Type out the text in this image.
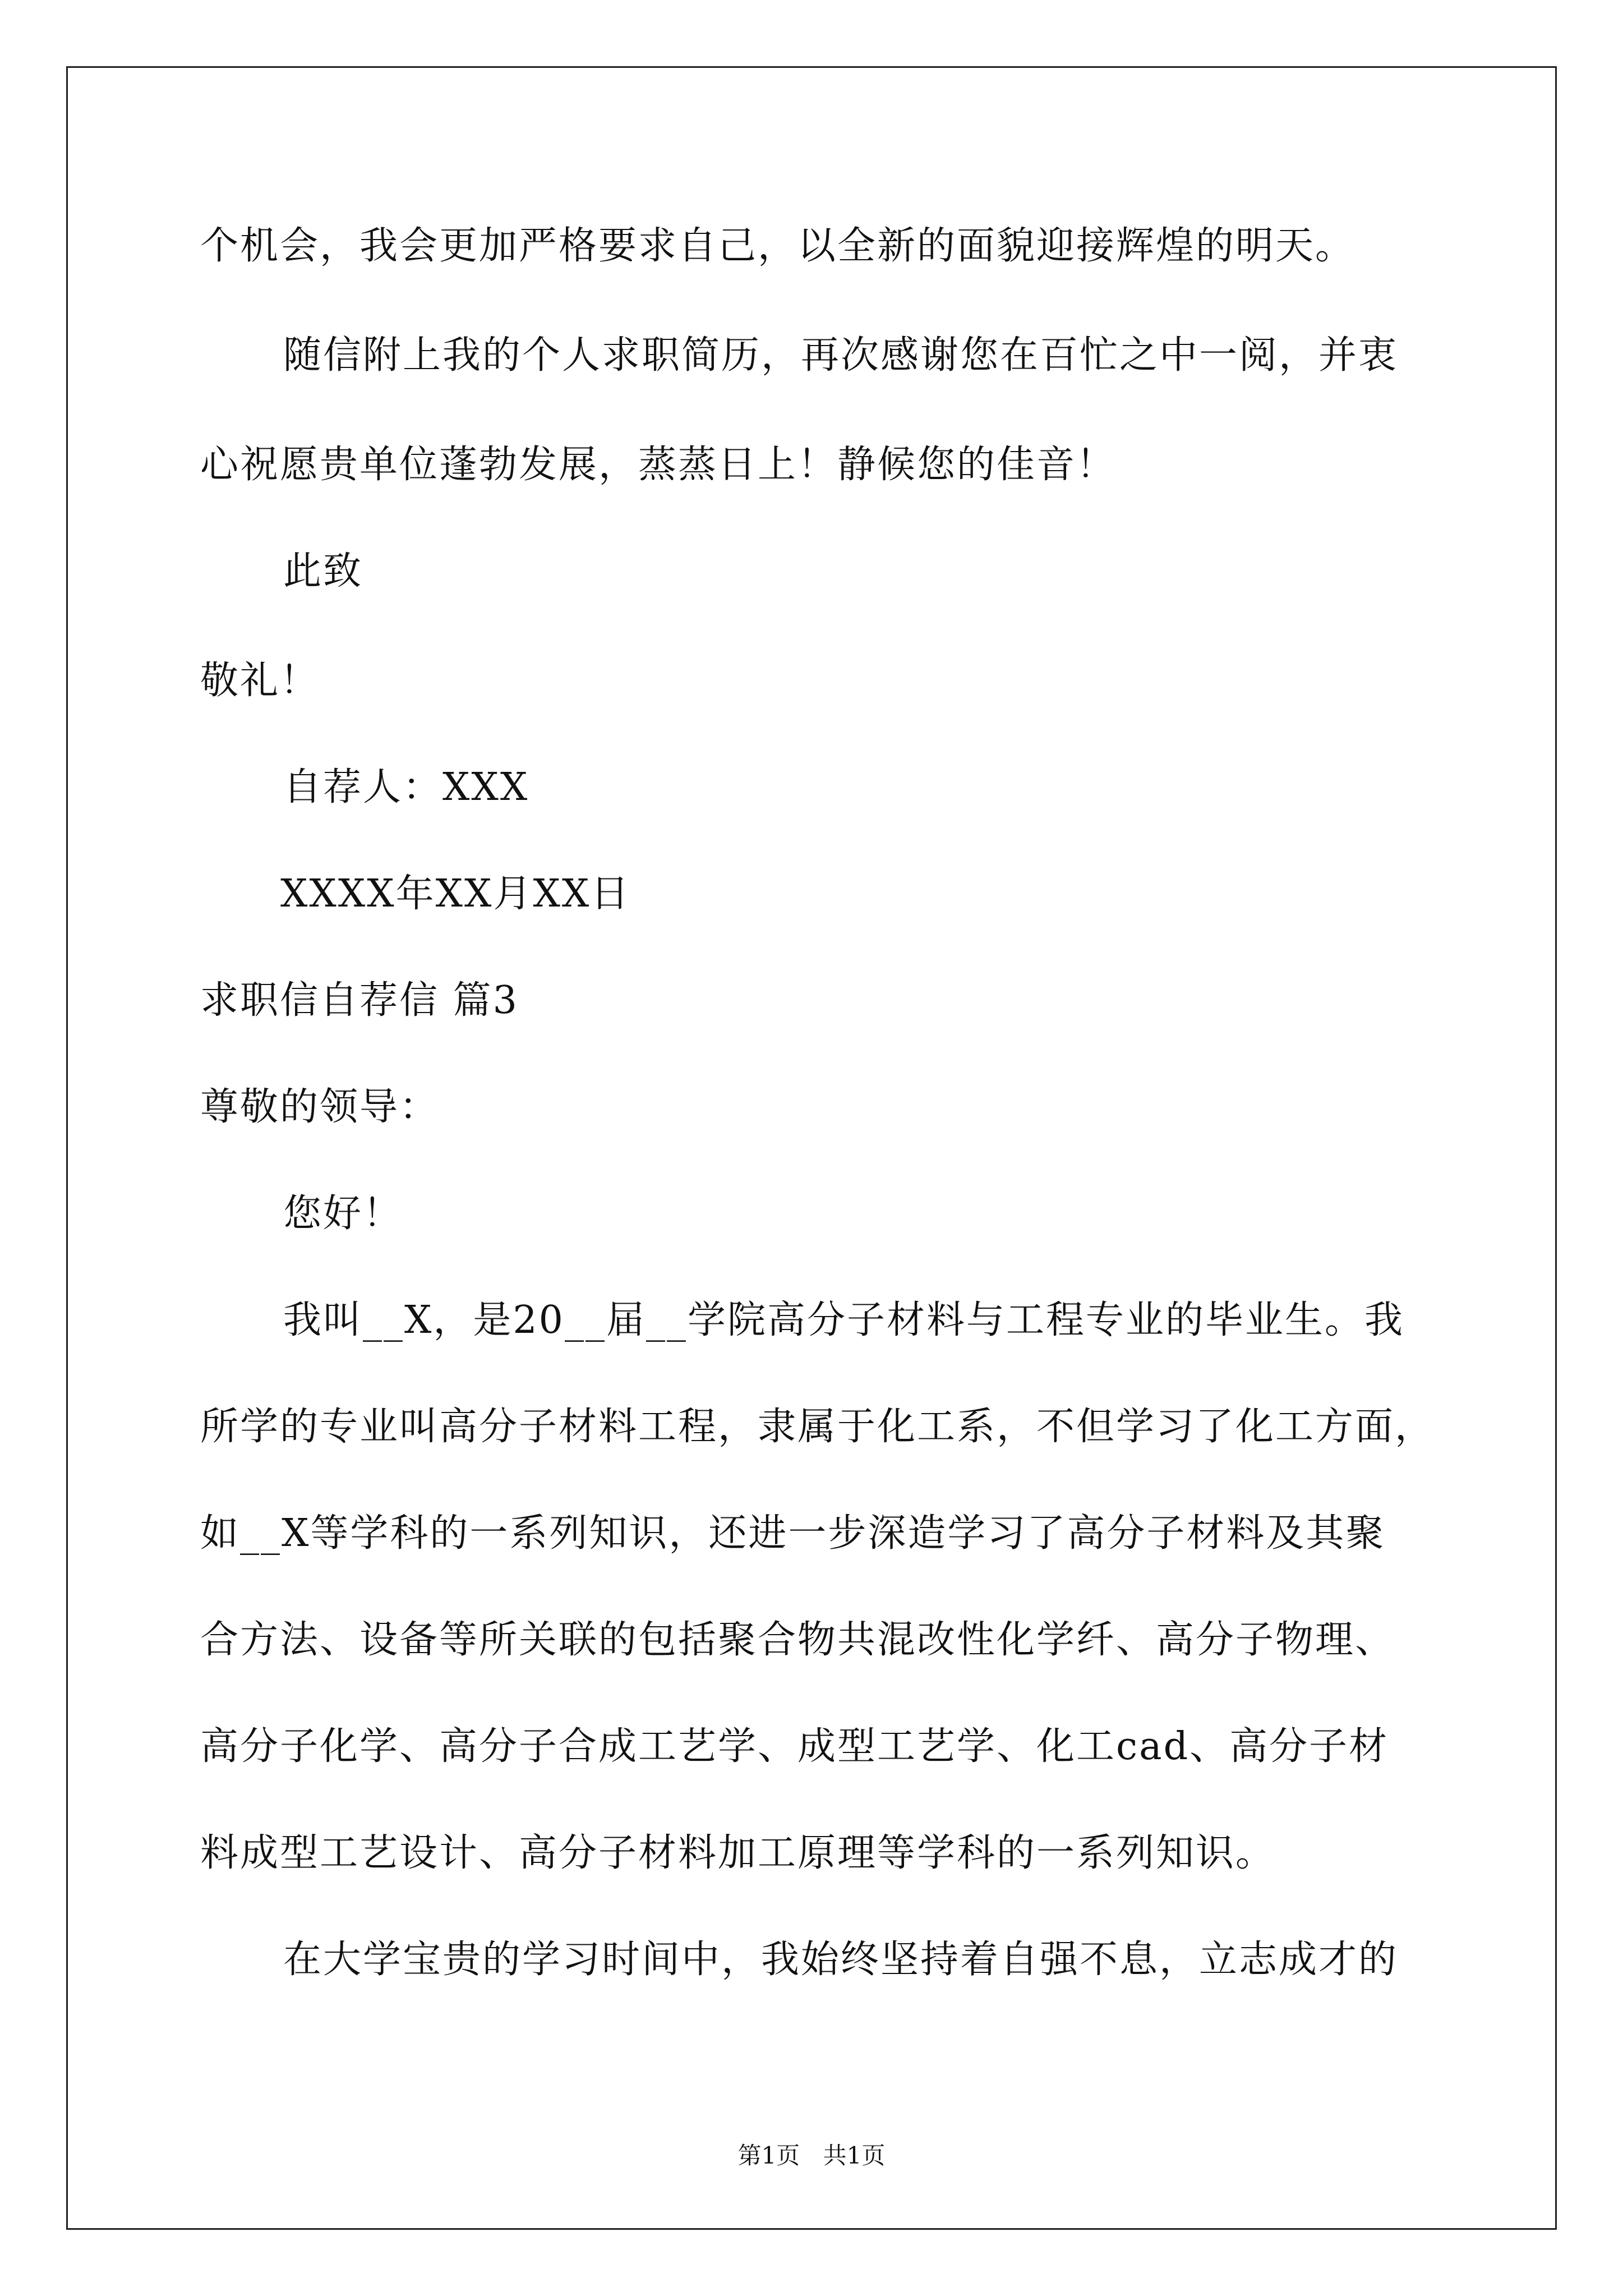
个机会，我会更加严格要求自己，以全新的面貌迎接辉煌的明天。
随信附上我的个人求职简历，再次感谢您在百忙之中一阅，并衷
心祝愿贵单位蓬勃发展，蒸蒸日上！静候您的佳音！
此致
敬礼！
自荐人：XXX
XXXX年XX月XX日
求职信自荐信 篇3
尊敬的领导：
您好！
我叫__X，是20__届__学院高分子材料与工程专业的毕业生。我
所学的专业叫高分子材料工程，隶属于化工系，不但学习了化工方面，
如__X等学科的一系列知识，还进一步深造学习了高分子材料及其聚
合方法、设备等所关联的包括聚合物共混改性化学纤、高分子物理、
高分子化学、高分子合成工艺学、成型工艺学、化工cad、高分子材
料成型工艺设计、高分子材料加工原理等学科的一系列知识。
在大学宝贵的学习时间中，我始终坚持着自强不息，立志成才的
第1页 共1页
